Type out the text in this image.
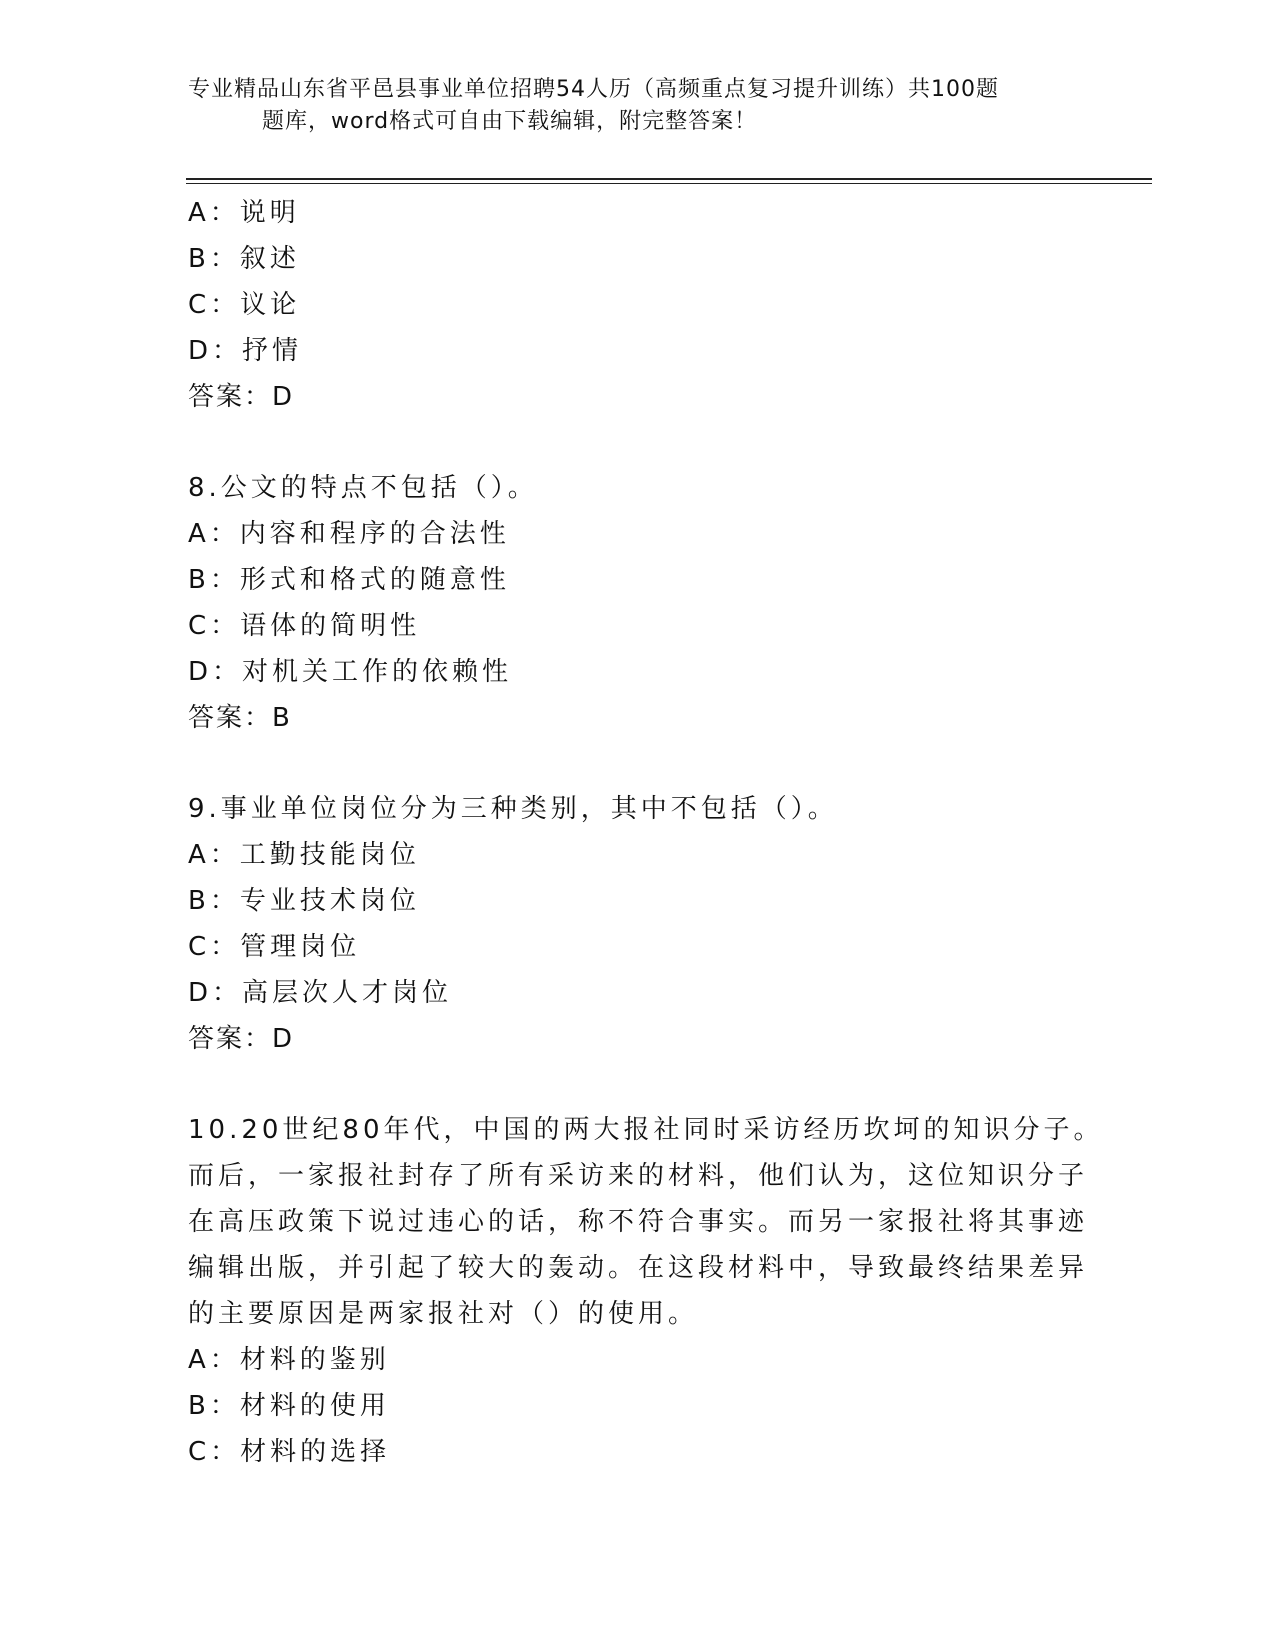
专业精品山东省平邑县事业单位招聘54人历（高频重点复习提升训练）共100题
题库，word格式可自由下载编辑，附完整答案！
A：说明
B：叙述
C：议论
D：抒情
答案：D
8.公文的特点不包括（）。
A：内容和程序的合法性
B：形式和格式的随意性
C：语体的简明性
D：对机关工作的依赖性
答案：B
9.事业单位岗位分为三种类别，其中不包括（）。
A：工勤技能岗位
B：专业技术岗位
C：管理岗位
D：高层次人才岗位
答案：D
10.20世纪80年代，中国的两大报社同时采访经历坎坷的知识分子。
而后，一家报社封存了所有采访来的材料，他们认为，这位知识分子
在高压政策下说过违心的话，称不符合事实。而另一家报社将其事迹
编辑出版，并引起了较大的轰动。在这段材料中，导致最终结果差异
的主要原因是两家报社对（）的使用。
A：材料的鉴别
B：材料的使用
C：材料的选择
